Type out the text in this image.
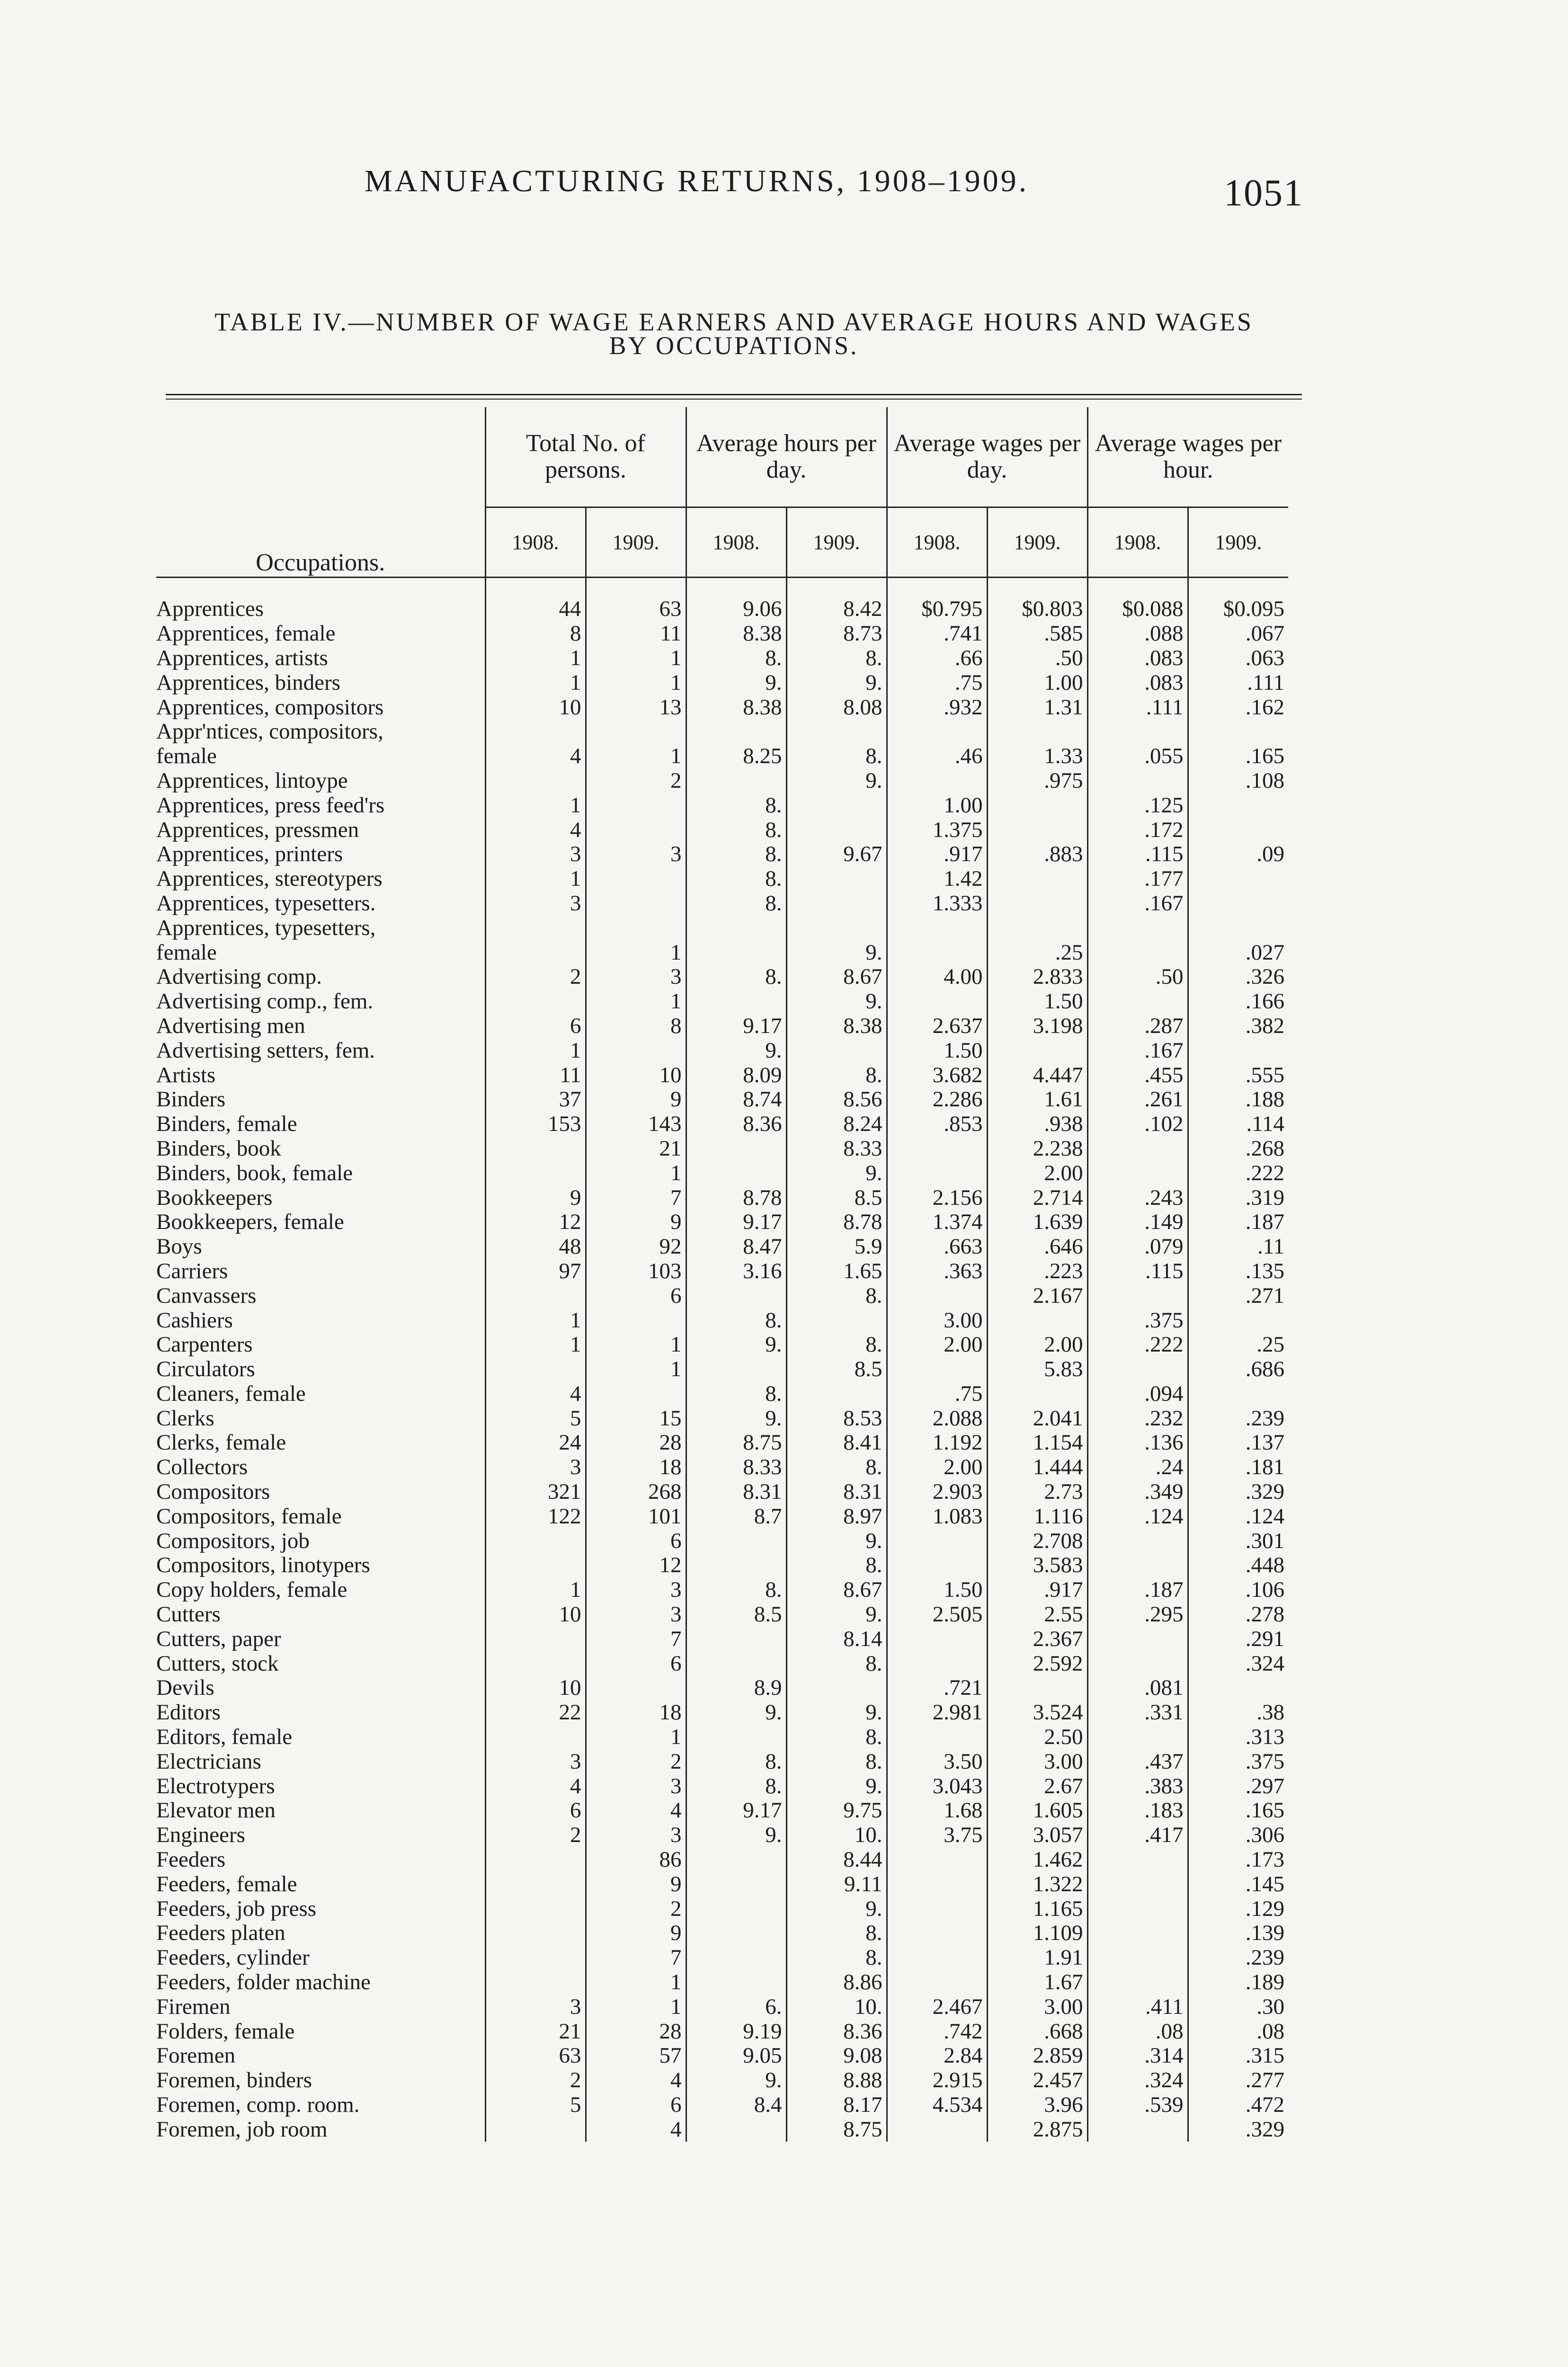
MANUFACTURING RETURNS, 1908–1909.	1051
TABLE IV.—NUMBER OF WAGE EARNERS AND AVERAGE HOURS AND WAGES
BY OCCUPATIONS.
Occupations.	Total No. of persons.		Average hours per day.		Average wages per day.		Average wages per hour.	
	1908.	1909.	1908.	1909.	1908.	1909.	1908.	1909.
Apprentices	44	63	9.06	8.42	$0.795	$0.803	$0.088	$0.095
Apprentices, female	8	11	8.38	8.73	.741	.585	.088	.067
Apprentices, artists	1	1	8.	8.	.66	.50	.083	.063
Apprentices, binders	1	1	9.	9.	.75	1.00	.083	.111
Apprentices, compositors	10	13	8.38	8.08	.932	1.31	.111	.162
Appr'ntices, compositors,								
female	4	1	8.25	8.	.46	1.33	.055	.165
Apprentices, lintoype		2		9.		.975		.108
Apprentices, press feed'rs	1		8.		1.00		.125	
Apprentices, pressmen	4		8.		1.375		.172	
Apprentices, printers	3	3	8.	9.67	.917	.883	.115	.09
Apprentices, stereotypers	1		8.		1.42		.177	
Apprentices, typesetters.	3		8.		1.333		.167	
Apprentices, typesetters,								
female		1		9.		.25		.027
Advertising comp.	2	3	8.	8.67	4.00	2.833	.50	.326
Advertising comp., fem.		1		9.		1.50		.166
Advertising men	6	8	9.17	8.38	2.637	3.198	.287	.382
Advertising setters, fem.	1		9.		1.50		.167	
Artists	11	10	8.09	8.	3.682	4.447	.455	.555
Binders	37	9	8.74	8.56	2.286	1.61	.261	.188
Binders, female	153	143	8.36	8.24	.853	.938	.102	.114
Binders, book		21		8.33		2.238		.268
Binders, book, female		1		9.		2.00		.222
Bookkeepers	9	7	8.78	8.5	2.156	2.714	.243	.319
Bookkeepers, female	12	9	9.17	8.78	1.374	1.639	.149	.187
Boys	48	92	8.47	5.9	.663	.646	.079	.11
Carriers	97	103	3.16	1.65	.363	.223	.115	.135
Canvassers		6		8.		2.167		.271
Cashiers	1		8.		3.00		.375	
Carpenters	1	1	9.	8.	2.00	2.00	.222	.25
Circulators		1		8.5		5.83		.686
Cleaners, female	4		8.		.75		.094	
Clerks	5	15	9.	8.53	2.088	2.041	.232	.239
Clerks, female	24	28	8.75	8.41	1.192	1.154	.136	.137
Collectors	3	18	8.33	8.	2.00	1.444	.24	.181
Compositors	321	268	8.31	8.31	2.903	2.73	.349	.329
Compositors, female	122	101	8.7	8.97	1.083	1.116	.124	.124
Compositors, job		6		9.		2.708		.301
Compositors, linotypers		12		8.		3.583		.448
Copy holders, female	1	3	8.	8.67	1.50	.917	.187	.106
Cutters	10	3	8.5	9.	2.505	2.55	.295	.278
Cutters, paper		7		8.14		2.367		.291
Cutters, stock		6		8.		2.592		.324
Devils	10		8.9		.721		.081	
Editors	22	18	9.	9.	2.981	3.524	.331	.38
Editors, female		1		8.		2.50		.313
Electricians	3	2	8.	8.	3.50	3.00	.437	.375
Electrotypers	4	3	8.	9.	3.043	2.67	.383	.297
Elevator men	6	4	9.17	9.75	1.68	1.605	.183	.165
Engineers	2	3	9.	10.	3.75	3.057	.417	.306
Feeders		86		8.44		1.462		.173
Feeders, female		9		9.11		1.322		.145
Feeders, job press		2		9.		1.165		.129
Feeders platen		9		8.		1.109		.139
Feeders, cylinder		7		8.		1.91		.239
Feeders, folder machine		1		8.86		1.67		.189
Firemen	3	1	6.	10.	2.467	3.00	.411	.30
Folders, female	21	28	9.19	8.36	.742	.668	.08	.08
Foremen	63	57	9.05	9.08	2.84	2.859	.314	.315
Foremen, binders	2	4	9.	8.88	2.915	2.457	.324	.277
Foremen, comp. room.	5	6	8.4	8.17	4.534	3.96	.539	.472
Foremen, job room		4		8.75		2.875		.329
